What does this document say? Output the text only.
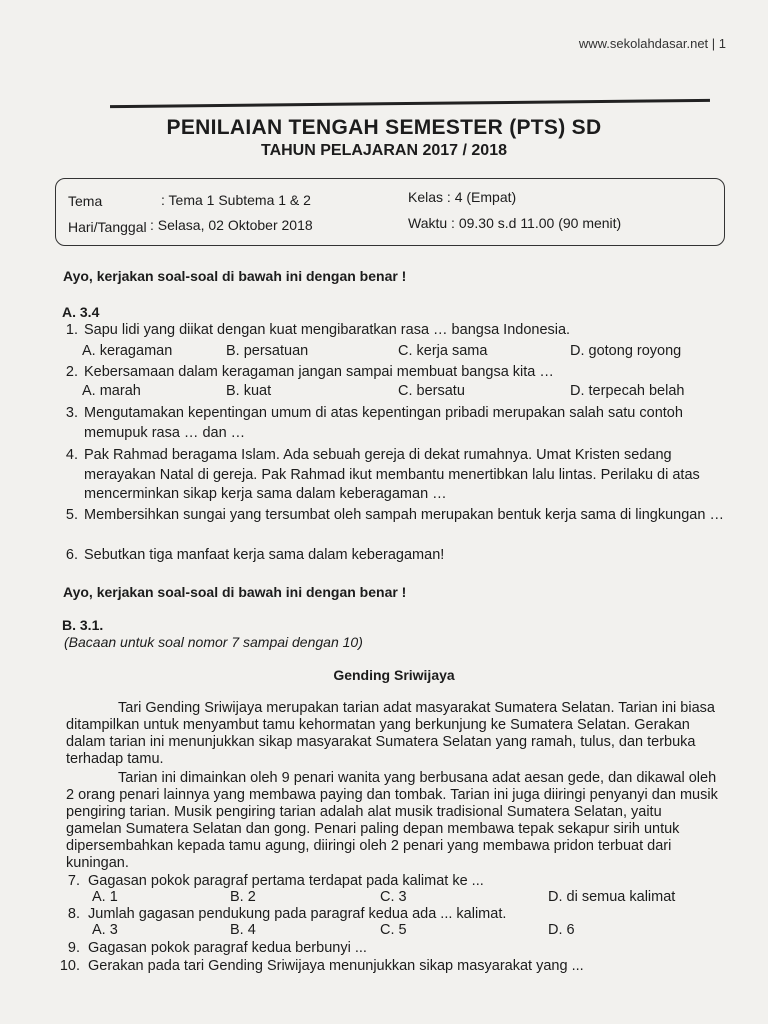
www.sekolahdasar.net | 1
PENILAIAN TENGAH SEMESTER (PTS) SD
TAHUN PELAJARAN 2017 / 2018
Tema	: Tema 1 Subtema 1 & 2
Hari/Tanggal : Selasa, 02 Oktober 2018
Kelas : 4 (Empat)
Waktu : 09.30 s.d 11.00 (90 menit)
Ayo, kerjakan soal-soal di bawah ini dengan benar !
A. 3.4
1. Sapu lidi yang diikat dengan kuat mengibaratkan rasa … bangsa Indonesia.
A. keragaman	B. persatuan	C. kerja sama	D. gotong royong
2. Kebersamaan dalam keragaman jangan sampai membuat bangsa kita …
A. marah	B. kuat	C. bersatu	D. terpecah belah
3. Mengutamakan kepentingan umum di atas kepentingan pribadi merupakan salah satu contoh memupuk rasa … dan …
4. Pak Rahmad beragama Islam. Ada sebuah gereja di dekat rumahnya. Umat Kristen sedang merayakan Natal di gereja. Pak Rahmad ikut membantu menertibkan lalu lintas. Perilaku di atas mencerminkan sikap kerja sama dalam keberagaman …
5. Membersihkan sungai yang tersumbat oleh sampah merupakan bentuk kerja sama di lingkungan …
6. Sebutkan tiga manfaat kerja sama dalam keberagaman!
Ayo, kerjakan soal-soal di bawah ini dengan benar !
B. 3.1.
(Bacaan untuk soal nomor 7 sampai dengan 10)
Gending Sriwijaya

Tari Gending Sriwijaya merupakan tarian adat masyarakat Sumatera Selatan. Tarian ini biasa ditampilkan untuk menyambut tamu kehormatan yang berkunjung ke Sumatera Selatan. Gerakan dalam tarian ini menunjukkan sikap masyarakat Sumatera Selatan yang ramah, tulus, dan terbuka terhadap tamu.

Tarian ini dimainkan oleh 9 penari wanita yang berbusana adat aesan gede, dan dikawal oleh 2 orang penari lainnya yang membawa paying dan tombak. Tarian ini juga diiringi penyanyi dan musik pengiring tarian. Musik pengiring tarian adalah alat musik tradisional Sumatera Selatan, yaitu gamelan Sumatera Selatan dan gong. Penari paling depan membawa tepak sekapur sirih untuk dipersembahkan kepada tamu agung, diiringi oleh 2 penari yang membawa pridon terbuat dari kuningan.

7. Gagasan pokok paragraf pertama terdapat pada kalimat ke ...
A. 1	B. 2	C. 3	D. di semua kalimat
8. Jumlah gagasan pendukung pada paragraf kedua ada ... kalimat.
A. 3	B. 4	C. 5	D. 6
9. Gagasan pokok paragraf kedua berbunyi ...
10. Gerakan pada tari Gending Sriwijaya menunjukkan sikap masyarakat yang ...
